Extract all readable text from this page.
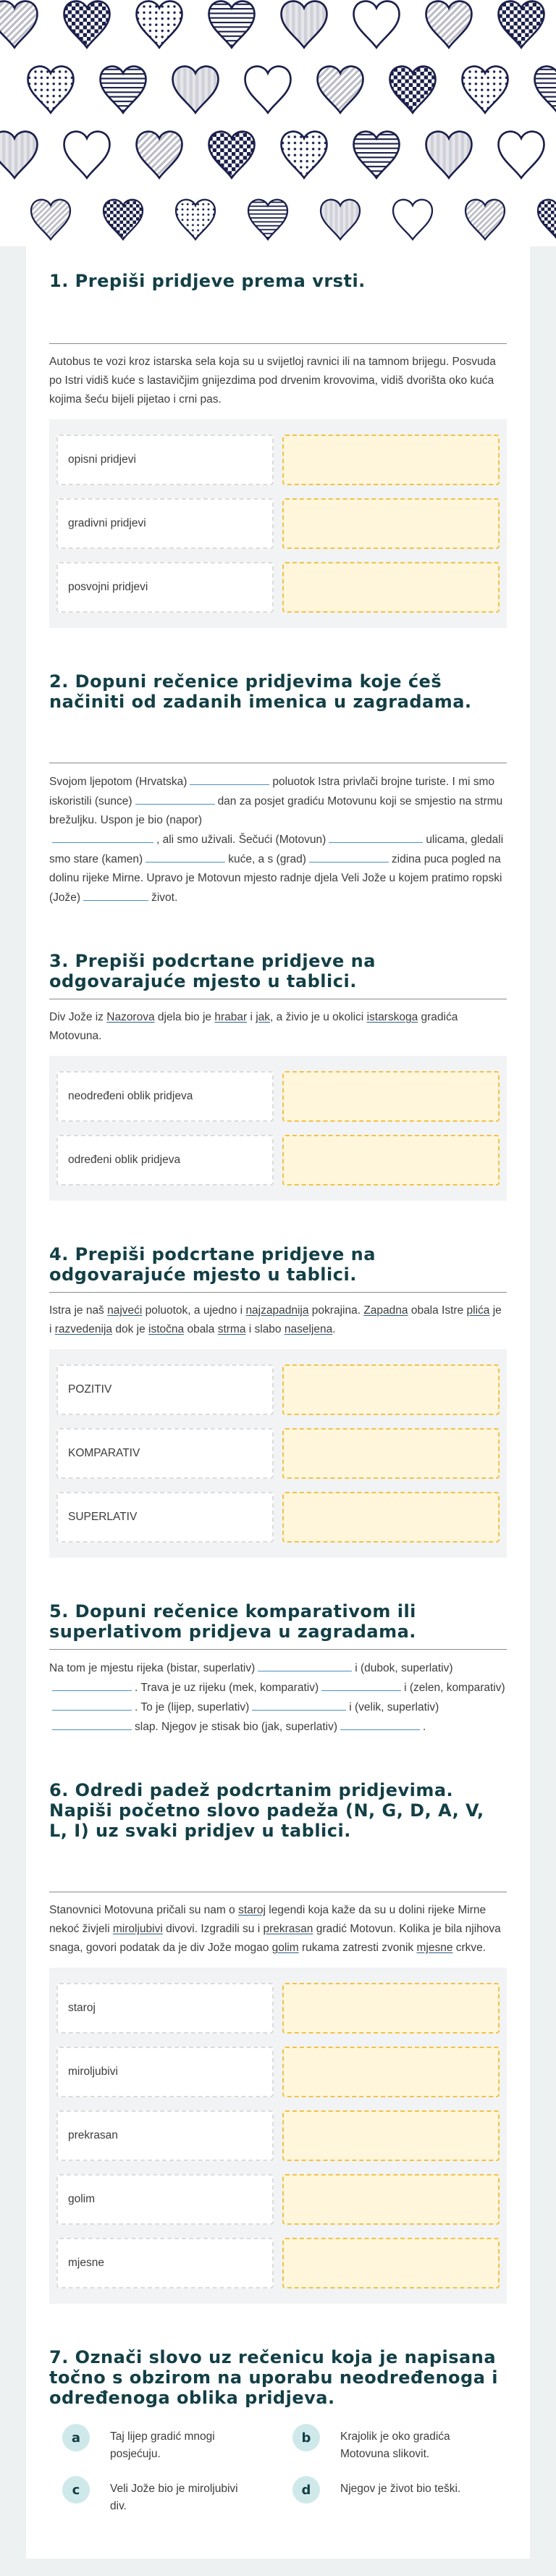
1. Prepiši pridjeve prema vrsti.

Autobus te vozi kroz istarska sela koja su u svijetloj ravnici ili na tamnom brijegu. Posvuda po Istri vidiš kuće s lastavičjim gnijezdima pod drvenim krovovima, vidiš dvorišta oko kuća kojima šeću bijeli pijetao i crni pas.

opisni pridjevi
gradivni pridjevi
posvojni pridjevi
2. Dopuni rečenice pridjevima koje ćeš načiniti od zadanih imenica u zagradama.

Svojom ljepotom (Hrvatska)	poluotok Istra privlači brojne turiste. I mi smo iskoristili (sunce)	dan za posjet gradiću Motovunu koji se smjestio na strmu brežuljku. Uspon je bio (napor)
, ali smo uživali. Šečući (Motovun)	ulicama, gledali smo stare (kamen)	kuće, a s (grad)	zidina puca pogled na dolinu rijeke Mirne. Upravo je Motovun mjesto radnje djela Veli Jože u kojem pratimo ropski (Jože)	život.

3. Prepiši podcrtane pridjeve na odgovarajuće mjesto u tablici.

Div Jože iz Nazorova djela bio je hrabar i jak, a živio je u okolici istarskoga gradića Motovuna.

neodređeni oblik pridjeva
određeni oblik pridjeva
4. Prepiši podcrtane pridjeve na odgovarajuće mjesto u tablici.

Istra je naš najveći poluotok, a ujedno i najzapadnija pokrajina. Zapadna obala Istre plića je i razvedenija dok je istočna obala strma i slabo naseljena.

POZITIV
KOMPARATIV
SUPERLATIV
5. Dopuni rečenice komparativom ili superlativom pridjeva u zagradama.

Na tom je mjestu rijeka (bistar, superlativ)	i (dubok, superlativ). Trava je uz rijeku (mek, komparativ)	i (zelen, komparativ). To je (lijep, superlativ)	i (velik, superlativ)slap. Njegov je stisak bio (jak, superlativ)	.

6. Odredi padež podcrtanim pridjevima. Napiši početno slovo padeža (N, G, D, A, V, L, I) uz svaki pridjev u tablici.

Stanovnici Motovuna pričali su nam o staroj legendi koja kaže da su u dolini rijeke Mirne nekoć živjeli miroljubivi divovi. Izgradili su i prekrasan gradić Motovun. Kolika je bila njihova snaga, govori podatak da je div Jože mogao golim rukama zatresti zvonik mjesne crkve.

staroj
miroljubivi
prekrasan
golim
mjesne
7. Označi slovo uz rečenicu koja je napisana točno s obzirom na uporabu neodređenoga i određenoga oblika pridjeva.
a	Taj lijep gradić mnogi posjećuju.
b	Krajolik je oko gradića Motovuna slikovit.
c	Veli Jože bio je miroljubivi div.
d	Njegov je život bio teški.
